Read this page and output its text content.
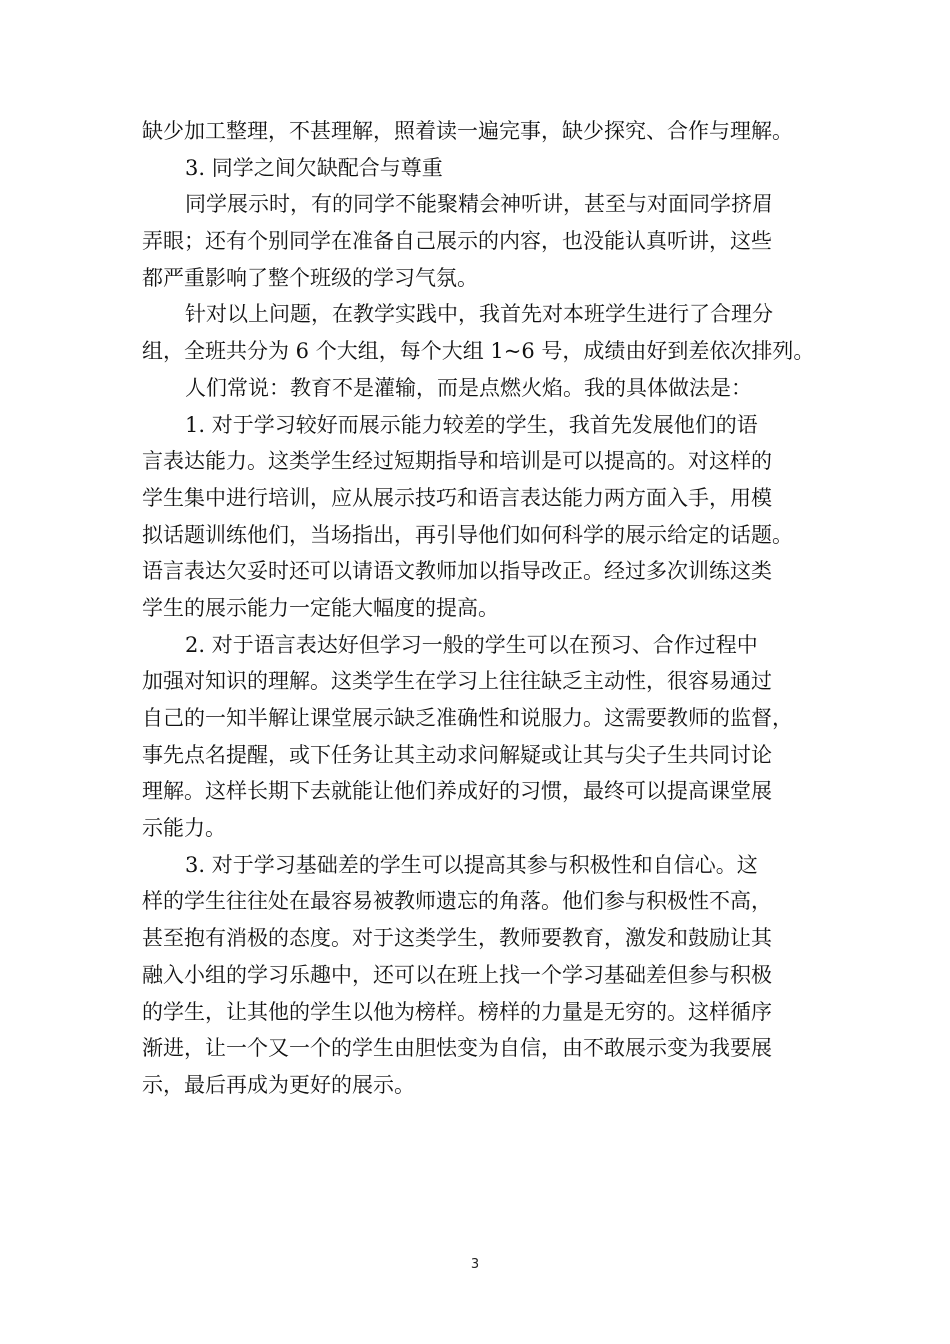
缺少加工整理，不甚理解，照着读一遍完事，缺少探究、合作与理解。
3. 同学之间欠缺配合与尊重
同学展示时，有的同学不能聚精会神听讲，甚至与对面同学挤眉
弄眼；还有个别同学在准备自己展示的内容，也没能认真听讲，这些
都严重影响了整个班级的学习气氛。
针对以上问题，在教学实践中，我首先对本班学生进行了合理分
组，全班共分为 6 个大组，每个大组 1~6 号，成绩由好到差依次排列。
人们常说：教育不是灌输，而是点燃火焰。我的具体做法是：
1. 对于学习较好而展示能力较差的学生，我首先发展他们的语
言表达能力。这类学生经过短期指导和培训是可以提高的。对这样的
学生集中进行培训，应从展示技巧和语言表达能力两方面入手，用模
拟话题训练他们，当场指出，再引导他们如何科学的展示给定的话题。
语言表达欠妥时还可以请语文教师加以指导改正。经过多次训练这类
学生的展示能力一定能大幅度的提高。
2. 对于语言表达好但学习一般的学生可以在预习、合作过程中
加强对知识的理解。这类学生在学习上往往缺乏主动性，很容易通过
自己的一知半解让课堂展示缺乏准确性和说服力。这需要教师的监督，
事先点名提醒，或下任务让其主动求问解疑或让其与尖子生共同讨论
理解。这样长期下去就能让他们养成好的习惯，最终可以提高课堂展
示能力。
3. 对于学习基础差的学生可以提高其参与积极性和自信心。这
样的学生往往处在最容易被教师遗忘的角落。他们参与积极性不高，
甚至抱有消极的态度。对于这类学生，教师要教育，激发和鼓励让其
融入小组的学习乐趣中，还可以在班上找一个学习基础差但参与积极
的学生，让其他的学生以他为榜样。榜样的力量是无穷的。这样循序
渐进，让一个又一个的学生由胆怯变为自信，由不敢展示变为我要展
示，最后再成为更好的展示。
3
